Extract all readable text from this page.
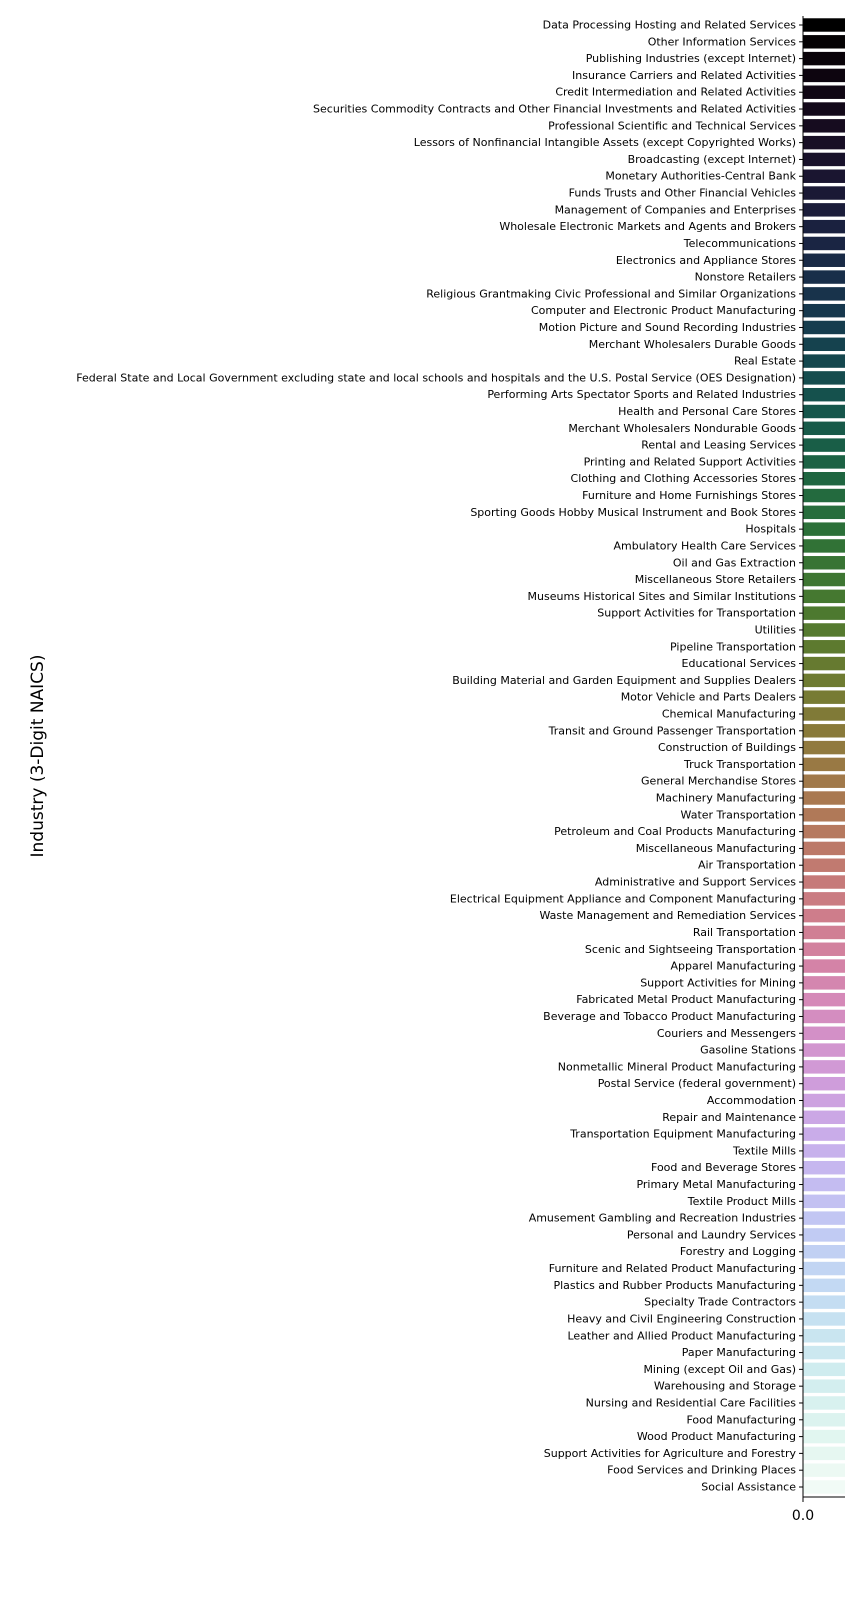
Data Processing Hosting and Related Services
Other Information Services
Publishing Industries (except Internet)
Insurance Carriers and Related Activities
Credit Intermediation and Related Activities
Securities Commodity Contracts and Other Financial Investments and Related Activities
Professional Scientific and Technical Services
Lessors of Nonfinancial Intangible Assets (except Copyrighted Works)
Broadcasting (except Internet)
Monetary Authorities-Central Bank
Funds Trusts and Other Financial Vehicles
Management of Companies and Enterprises
Wholesale Electronic Markets and Agents and Brokers
Telecommunications
Electronics and Appliance Stores
Nonstore Retailers
Religious Grantmaking Civic Professional and Similar Organizations
Computer and Electronic Product Manufacturing
Motion Picture and Sound Recording Industries
Merchant Wholesalers Durable Goods
Real Estate
Federal State and Local Government excluding state and local schools and hospitals and the U.S. Postal Service (OES Designation)
Performing Arts Spectator Sports and Related Industries
Health and Personal Care Stores
Merchant Wholesalers Nondurable Goods
Rental and Leasing Services
Printing and Related Support Activities
Clothing and Clothing Accessories Stores
Furniture and Home Furnishings Stores
Sporting Goods Hobby Musical Instrument and Book Stores
Hospitals
Ambulatory Health Care Services
Oil and Gas Extraction
Miscellaneous Store Retailers
Museums Historical Sites and Similar Institutions
Support Activities for Transportation
Utilities
Pipeline Transportation
Educational Services
Building Material and Garden Equipment and Supplies Dealers
Motor Vehicle and Parts Dealers
Chemical Manufacturing
Transit and Ground Passenger Transportation
Construction of Buildings
Truck Transportation
General Merchandise Stores
Machinery Manufacturing
Water Transportation
Petroleum and Coal Products Manufacturing
Miscellaneous Manufacturing
Air Transportation
Administrative and Support Services
Electrical Equipment Appliance and Component Manufacturing
Waste Management and Remediation Services
Rail Transportation
Scenic and Sightseeing Transportation
Apparel Manufacturing
Support Activities for Mining
Fabricated Metal Product Manufacturing
Beverage and Tobacco Product Manufacturing
Couriers and Messengers
Gasoline Stations
Nonmetallic Mineral Product Manufacturing
Postal Service (federal government)
Accommodation
Repair and Maintenance
Transportation Equipment Manufacturing
Textile Mills
Food and Beverage Stores
Primary Metal Manufacturing
Textile Product Mills
Amusement Gambling and Recreation Industries
Personal and Laundry Services
Forestry and Logging
Furniture and Related Product Manufacturing
Plastics and Rubber Products Manufacturing
Specialty Trade Contractors
Heavy and Civil Engineering Construction
Leather and Allied Product Manufacturing
Paper Manufacturing
Mining (except Oil and Gas)
Warehousing and Storage
Nursing and Residential Care Facilities
Food Manufacturing
Wood Product Manufacturing
Support Activities for Agriculture and Forestry
Food Services and Drinking Places
Social Assistance
0.0
Industry (3-Digit NAICS)
